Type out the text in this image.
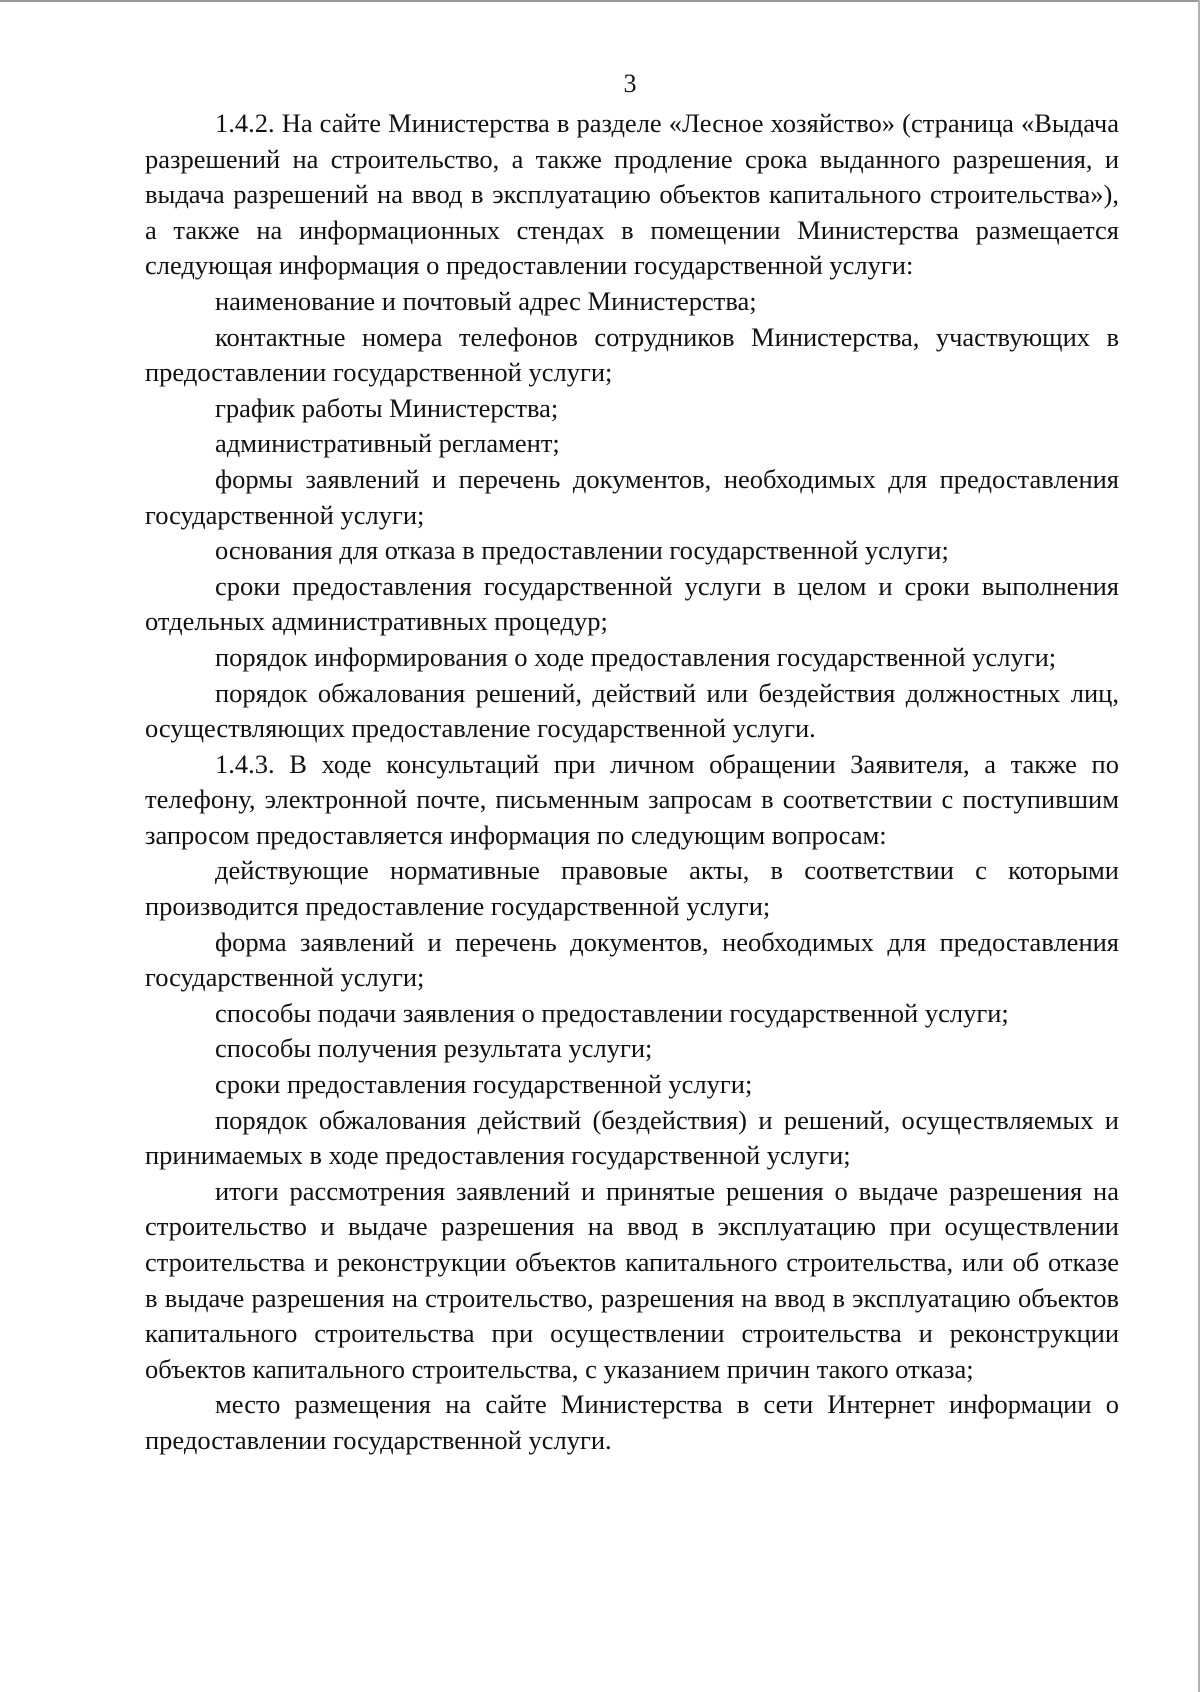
3

1.4.2. На сайте Министерства в разделе «Лесное хозяйство» (страница «Выдача разрешений на строительство, а также продление срока выданного разрешения, и выдача разрешений на ввод в эксплуатацию объектов капитального строительства»), а также на информационных стендах в помещении Министерства размещается следующая информация о предоставлении государственной услуги:

наименование и почтовый адрес Министерства;

контактные номера телефонов сотрудников Министерства, участвующих в предоставлении государственной услуги;

график работы Министерства;

административный регламент;

формы заявлений и перечень документов, необходимых для предоставления государственной услуги;

основания для отказа в предоставлении государственной услуги;

сроки предоставления государственной услуги в целом и сроки выполнения отдельных административных процедур;

порядок информирования о ходе предоставления государственной услуги;

порядок обжалования решений, действий или бездействия должностных лиц, осуществляющих предоставление государственной услуги.

1.4.3. В ходе консультаций при личном обращении Заявителя, а также по телефону, электронной почте, письменным запросам в соответствии с поступившим запросом предоставляется информация по следующим вопросам:

действующие нормативные правовые акты, в соответствии с которыми производится предоставление государственной услуги;

форма заявлений и перечень документов, необходимых для предоставления государственной услуги;

способы подачи заявления о предоставлении государственной услуги;

способы получения результата услуги;

сроки предоставления государственной услуги;

порядок обжалования действий (бездействия) и решений, осуществляемых и принимаемых в ходе предоставления государственной услуги;

итоги рассмотрения заявлений и принятые решения о выдаче разрешения на строительство и выдаче разрешения на ввод в эксплуатацию при осуществлении строительства и реконструкции объектов капитального строительства, или об отказе в выдаче разрешения на строительство, разрешения на ввод в эксплуатацию объектов капитального строительства при осуществлении строительства и реконструкции объектов капитального строительства, с указанием причин такого отказа;

место размещения на сайте Министерства в сети Интернет информации о предоставлении государственной услуги.
